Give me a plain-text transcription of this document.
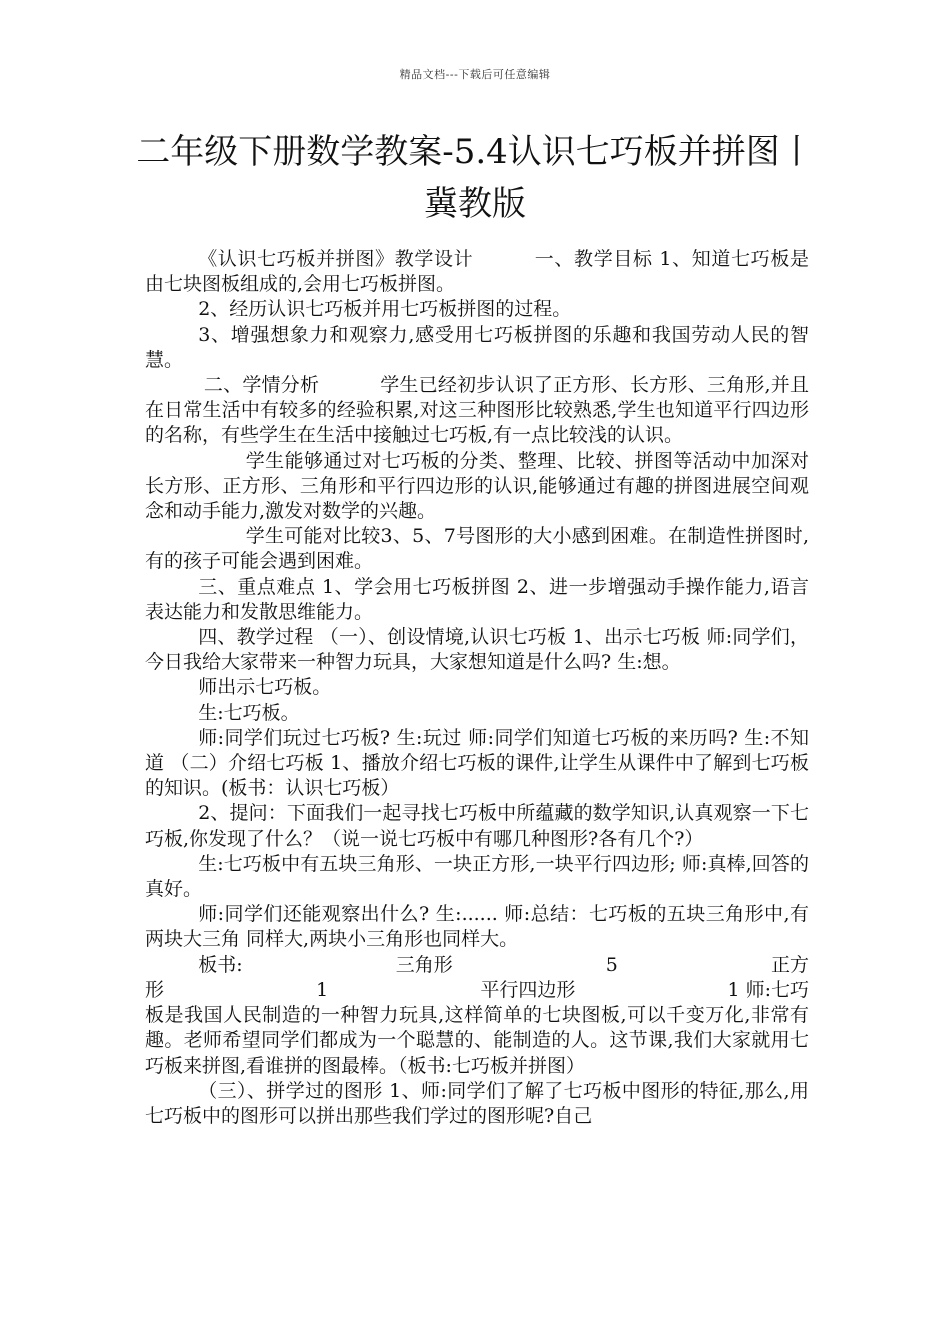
精品文档---下载后可任意编辑
二年级下册数学教案-5.4认识七巧板并拼图丨冀教版

《认识七巧板并拼图》教学设计	一、教学目标 1、知道七巧板是由七块图板组成的,会用七巧板拼图。

2、经历认识七巧板并用七巧板拼图的过程。

3、增强想象力和观察力,感受用七巧板拼图的乐趣和我国劳动人民的智慧。

二、学情分析	学生已经初步认识了正方形、长方形、三角形,并且在日常生活中有较多的经验积累,对这三种图形比较熟悉,学生也知道平行四边形的名称，有些学生在生活中接触过七巧板,有一点比较浅的认识。

学生能够通过对七巧板的分类、整理、比较、拼图等活动中加深对长方形、正方形、三角形和平行四边形的认识,能够通过有趣的拼图进展空间观念和动手能力,激发对数学的兴趣。

学生可能对比较3、5、7号图形的大小感到困难。在制造性拼图时,有的孩子可能会遇到困难。

三、重点难点 1、学会用七巧板拼图 2、进一步增强动手操作能力,语言表达能力和发散思维能力。

四、教学过程 （一）、创设情境,认识七巧板 1、出示七巧板 师:同学们，今日我给大家带来一种智力玩具，大家想知道是什么吗? 生:想。

师出示七巧板。

生:七巧板。

师:同学们玩过七巧板? 生:玩过 师:同学们知道七巧板的来历吗? 生:不知道 （二）介绍七巧板 1、播放介绍七巧板的课件,让学生从课件中了解到七巧板的知识。(板书：认识七巧板）

2、提问：下面我们一起寻找七巧板中所蕴藏的数学知识,认真观察一下七巧板,你发现了什么？（说一说七巧板中有哪几种图形?各有几个?）

生:七巧板中有五块三角形、一块正方形,一块平行四边形; 师:真棒,回答的真好。

师:同学们还能观察出什么? 生:...... 师:总结：七巧板的五块三角形中,有两块大三角 同样大,两块小三角形也同样大。

板书:	三角形	5	正方
形	1	平行四边形	1 师:七巧

板是我国人民制造的一种智力玩具,这样简单的七块图板,可以千变万化,非常有趣。老师希望同学们都成为一个聪慧的、能制造的人。这节课,我们大家就用七巧板来拼图,看谁拼的图最棒。（板书:七巧板并拼图）

（三）、拼学过的图形 1、师:同学们了解了七巧板中图形的特征,那么,用七巧板中的图形可以拼出那些我们学过的图形呢?自己
